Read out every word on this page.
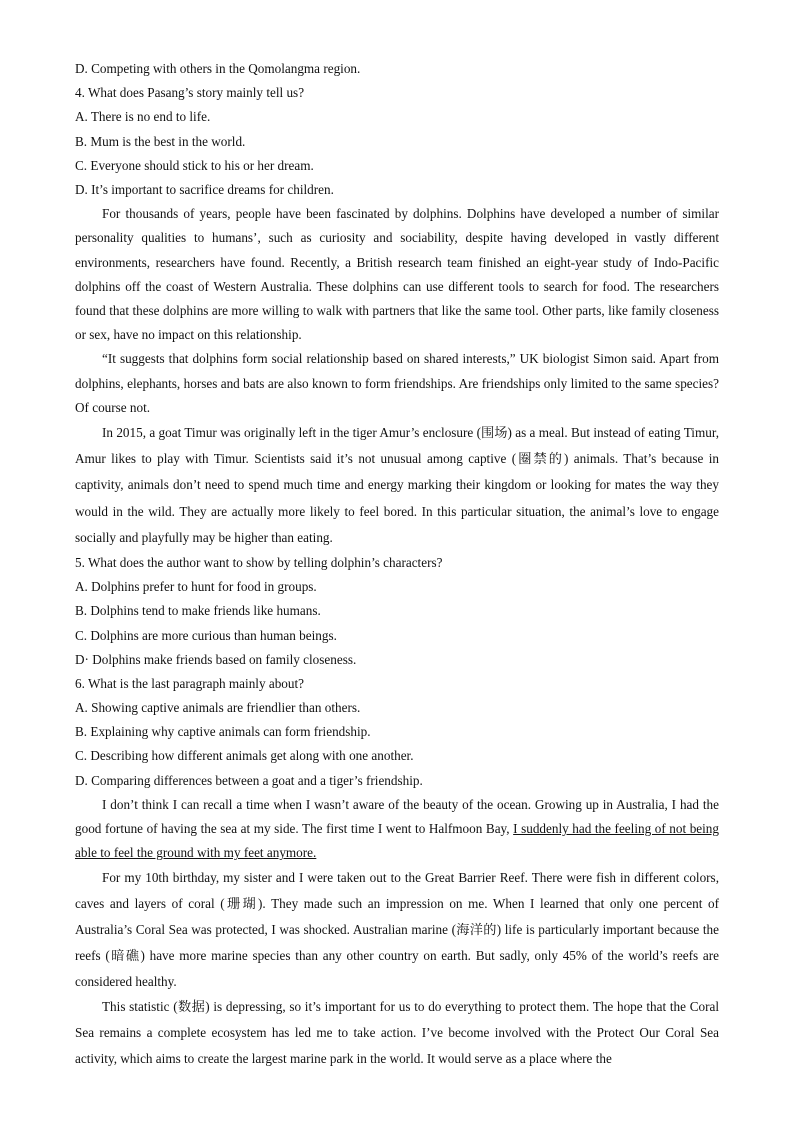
D. Competing with others in the Qomolangma region.
4. What does Pasang’s story mainly tell us?
A. There is no end to life.
B. Mum is the best in the world.
C. Everyone should stick to his or her dream.
D. It’s important to sacrifice dreams for children.

For thousands of years, people have been fascinated by dolphins. Dolphins have developed a number of similar personality qualities to humans’, such as curiosity and sociability, despite having developed in vastly different environments, researchers have found. Recently, a British research team finished an eight-year study of Indo-Pacific dolphins off the coast of Western Australia. These dolphins can use different tools to search for food. The researchers found that these dolphins are more willing to walk with partners that like the same tool. Other parts, like family closeness or sex, have no impact on this relationship.

“It suggests that dolphins form social relationship based on shared interests,” UK biologist Simon said. Apart from dolphins, elephants, horses and bats are also known to form friendships. Are friendships only limited to the same species? Of course not.

In 2015, a goat Timur was originally left in the tiger Amur’s enclosure (围场) as a meal. But instead of eating Timur, Amur likes to play with Timur. Scientists said it’s not unusual among captive (圈禁的) animals. That’s because in captivity, animals don’t need to spend much time and energy marking their kingdom or looking for mates the way they would in the wild. They are actually more likely to feel bored. In this particular situation, the animal’s love to engage socially and playfully may be higher than eating.

5. What does the author want to show by telling dolphin’s characters?
A. Dolphins prefer to hunt for food in groups.
B. Dolphins tend to make friends like humans.
C. Dolphins are more curious than human beings.
D· Dolphins make friends based on family closeness.
6. What is the last paragraph mainly about?
A. Showing captive animals are friendlier than others.
B. Explaining why captive animals can form friendship.
C. Describing how different animals get along with one another.
D. Comparing differences between a goat and a tiger’s friendship.

I don’t think I can recall a time when I wasn’t aware of the beauty of the ocean. Growing up in Australia, I had the good fortune of having the sea at my side. The first time I went to Halfmoon Bay, I suddenly had the feeling of not being able to feel the ground with my feet anymore.

For my 10th birthday, my sister and I were taken out to the Great Barrier Reef. There were fish in different colors, caves and layers of coral (珊瑚). They made such an impression on me. When I learned that only one percent of Australia’s Coral Sea was protected, I was shocked. Australian marine (海洋的) life is particularly important because the reefs (暗礁) have more marine species than any other country on earth. But sadly, only 45% of the world’s reefs are considered healthy.

This statistic (数据) is depressing, so it’s important for us to do everything to protect them. The hope that the Coral Sea remains a complete ecosystem has led me to take action. I’ve become involved with the Protect Our Coral Sea activity, which aims to create the largest marine park in the world. It would serve as a place where the
